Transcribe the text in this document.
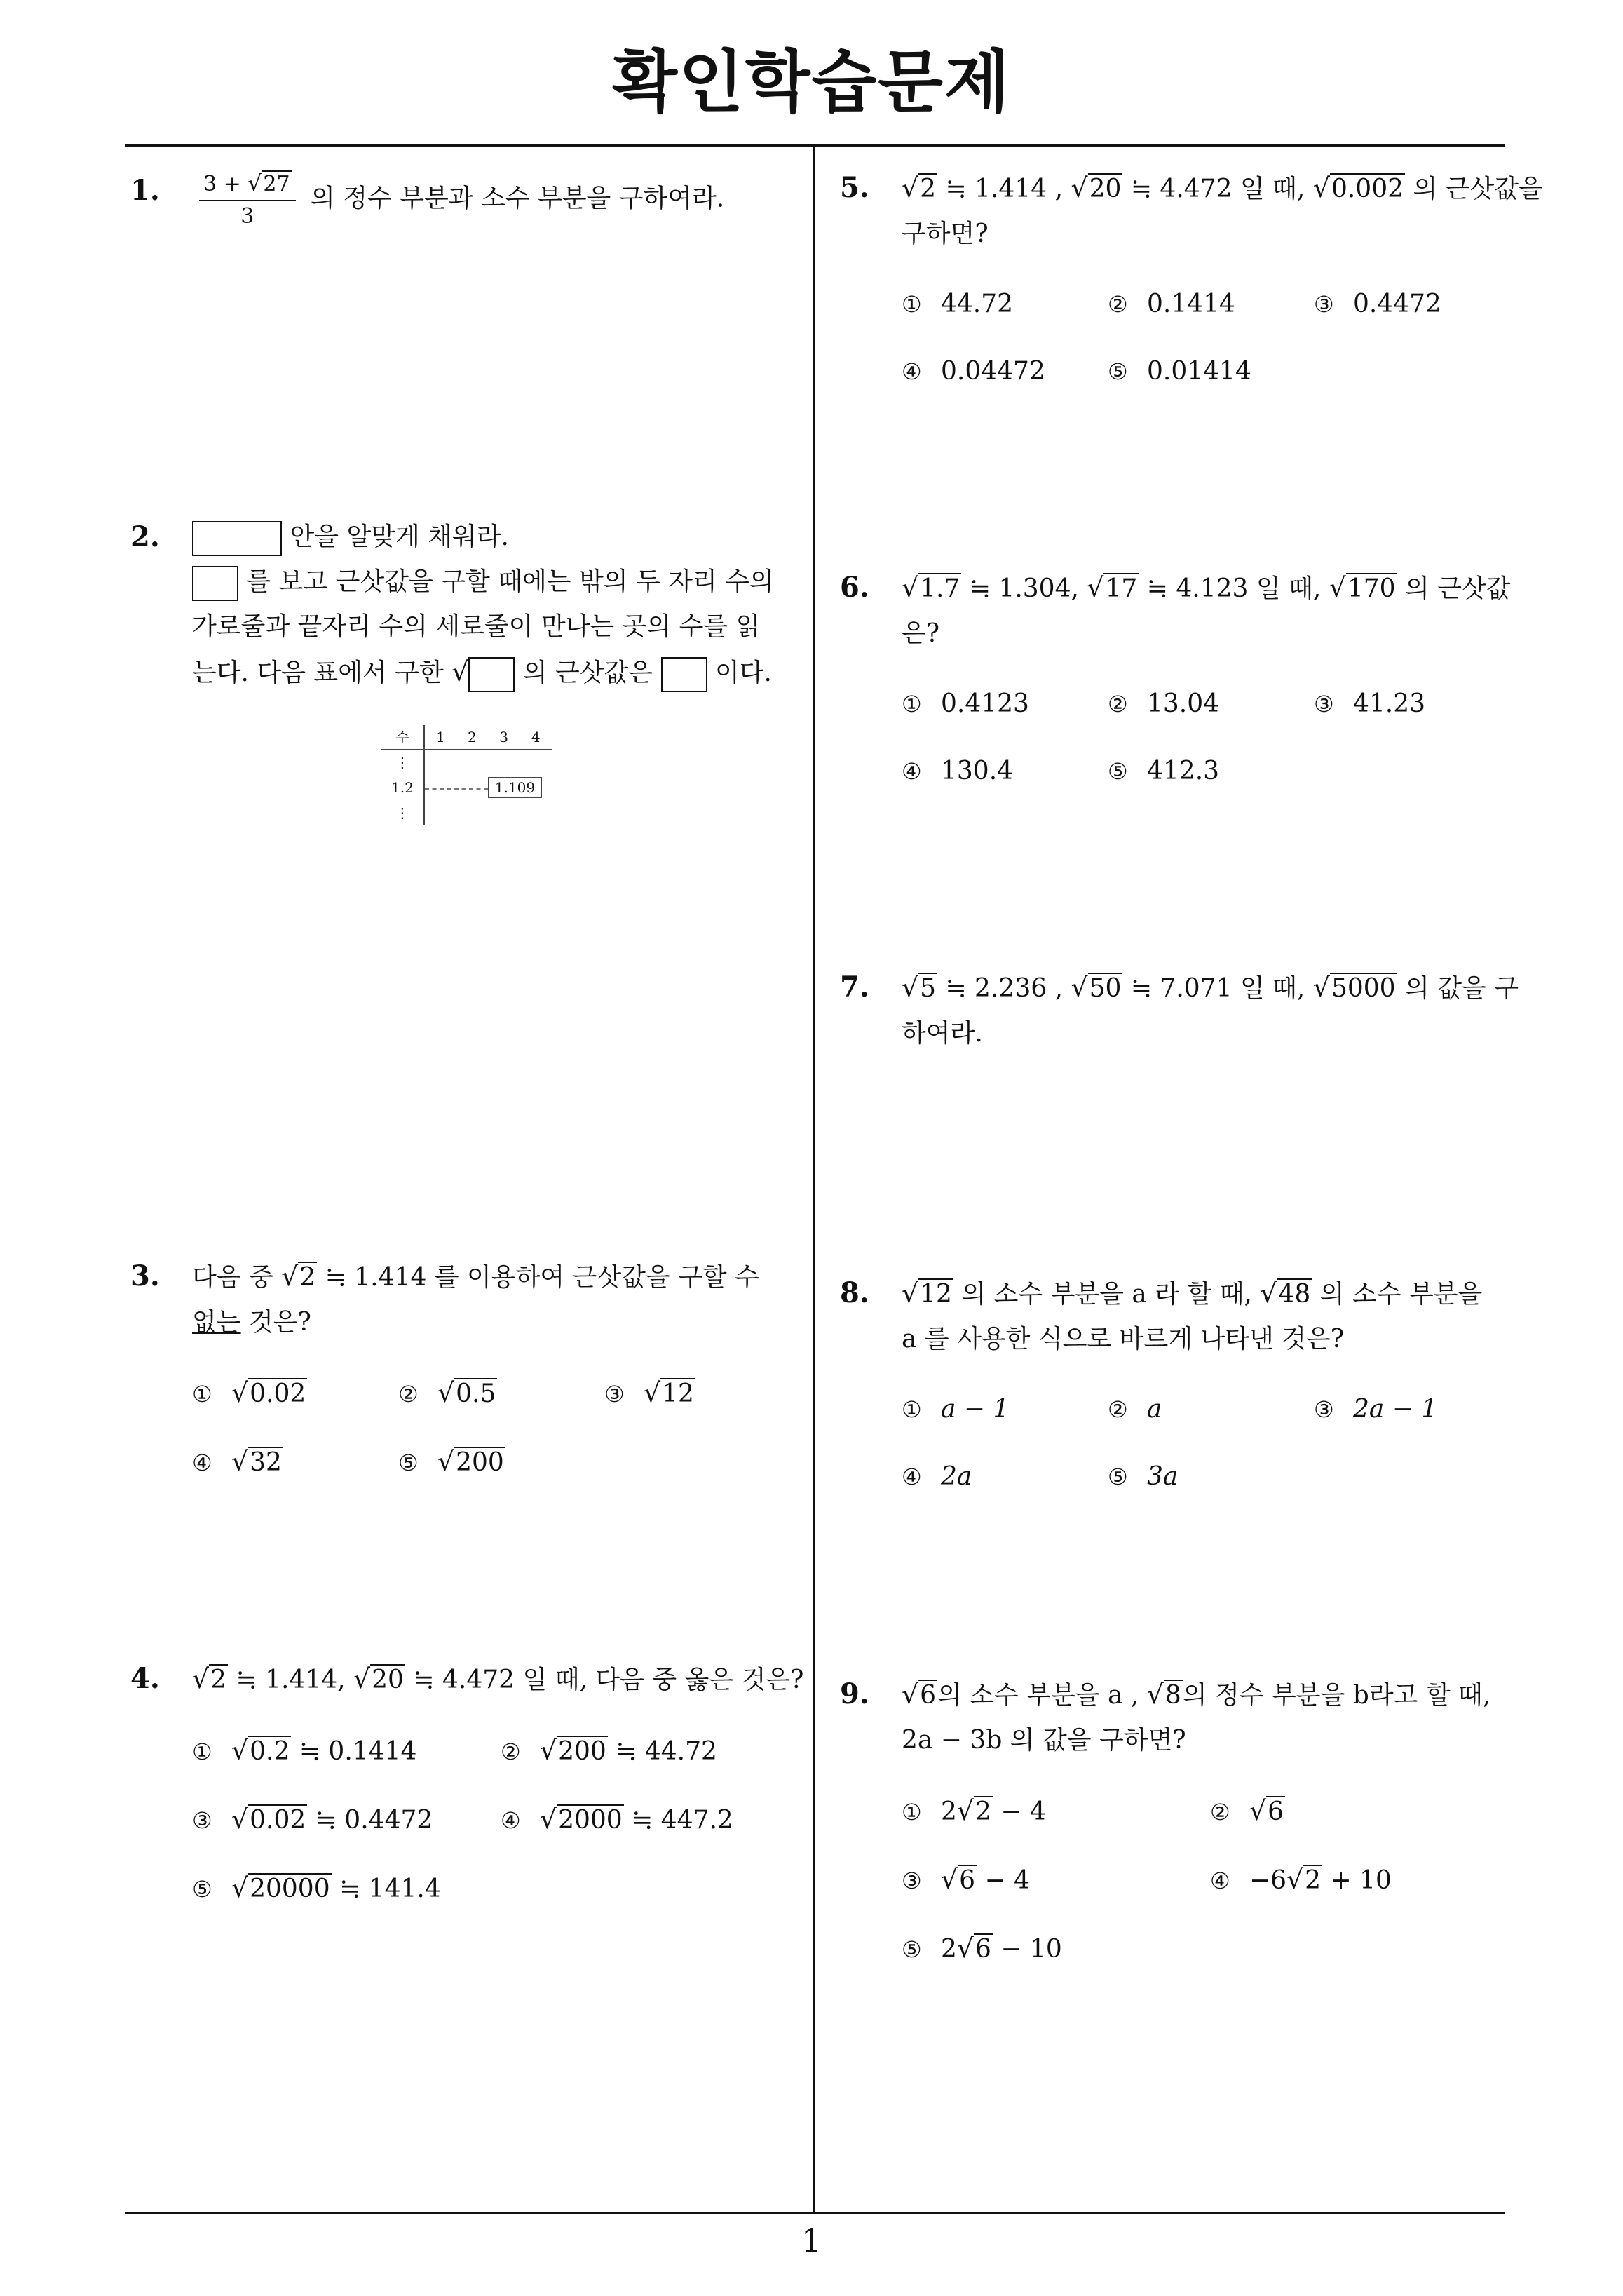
확인학습문제
1. $\frac{3 + √27}{3}$ 의 정수 부분과 소수 부분을 구하여라.
2.	안을 알맞게 채워라.
를 보고 근삿값을 구할 때에는 밖의 두 자리 수의
가로줄과 끝자리 수의 세로줄이 만나는 곳의 수를 읽
는다. 다음 표에서 구한 √ 의 근삿값은 이다.
수	1	2	3	4
⋮				
1.2			1.109	
⋮				
3. 다음 중 √2 ≒ 1.414 를 이용하여 근삿값을 구할 수
없는 것은?
① √0.02	② √0.5	③ √12
④ √32	⑤ √200
4. √2 ≒ 1.414, √20 ≒ 4.472 일 때, 다음 중 옳은 것은?
① √0.2 ≒ 0.1414	② √200 ≒ 44.72
③ √0.02 ≒ 0.4472	④ √2000 ≒ 447.2
⑤ √20000 ≒ 141.4
5. √2 ≒ 1.414 , √20 ≒ 4.472 일 때, √0.002 의 근삿값을
구하면?
① 44.72	② 0.1414	③ 0.4472
④ 0.04472	⑤ 0.01414
6. √1.7 ≒ 1.304, √17 ≒ 4.123 일 때, √170 의 근삿값
은?
① 0.4123	② 13.04	③ 41.23
④ 130.4	⑤ 412.3
7. √5 ≒ 2.236 , √50 ≒ 7.071 일 때, √5000 의 값을 구
하여라.
8. √12 의 소수 부분을 a 라 할 때, √48 의 소수 부분을
a 를 사용한 식으로 바르게 나타낸 것은?
① a − 1	② a	③ 2a − 1
④ 2a	⑤ 3a
9. √6의 소수 부분을 a , √8의 정수 부분을 b라고 할 때,
2a − 3b 의 값을 구하면?
① 2√2 − 4	② √6
③ √6 − 4	④ −6√2 + 10
⑤ 2√6 − 10
1
